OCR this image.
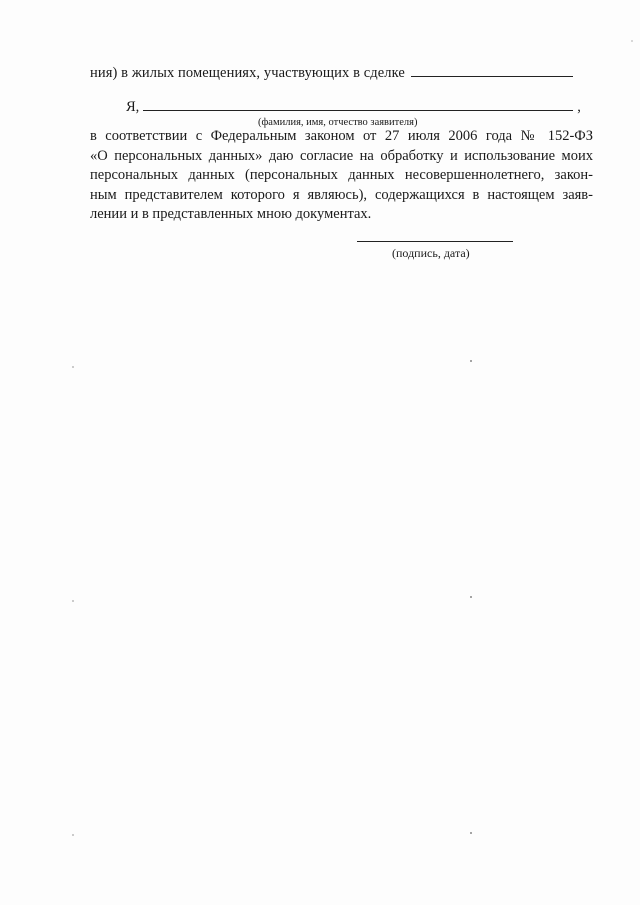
ния) в жилых помещениях, участвующих в сделке
Я,	,
(фамилия, имя, отчество заявителя)
в соответствии с Федеральным законом от 27 июля 2006 года № 152-ФЗ
«О персональных данных» даю согласие на обработку и использование моих
персональных данных (персональных данных несовершеннолетнего, закон-
ным представителем которого я являюсь), содержащихся в настоящем заяв-
лении и в представленных мною документах.
(подпись, дата)
